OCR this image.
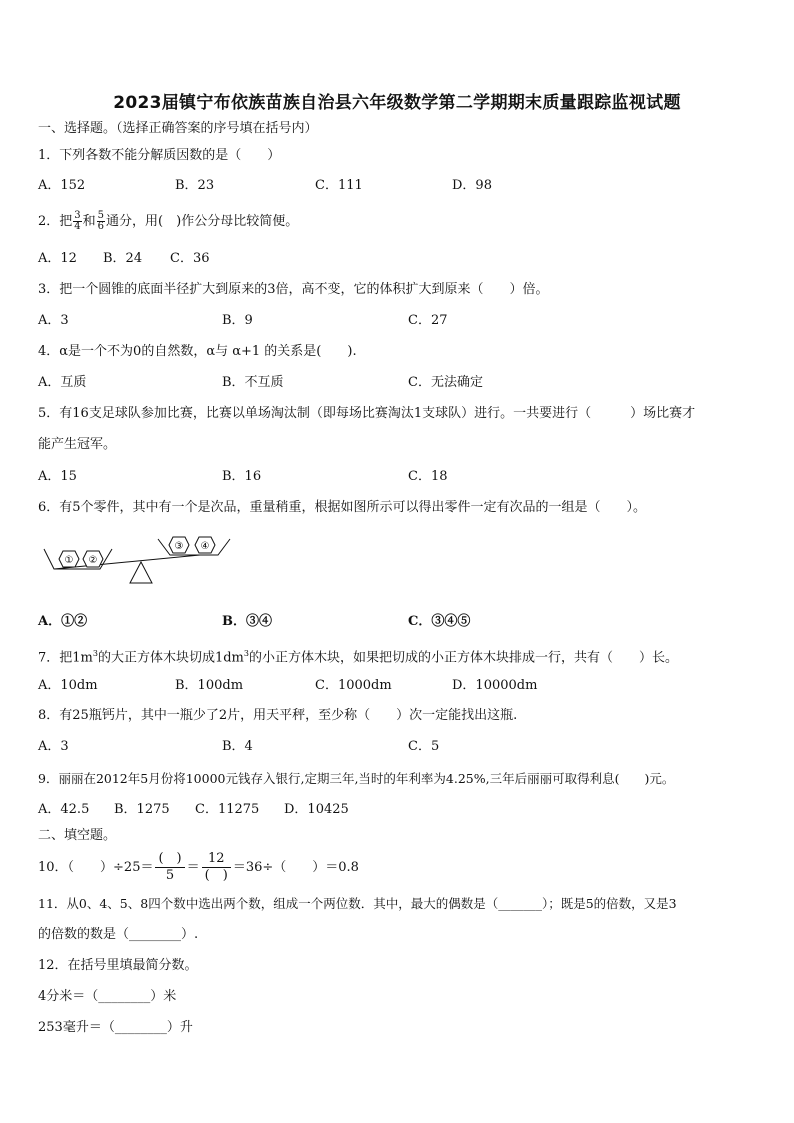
2023届镇宁布依族苗族自治县六年级数学第二学期期末质量跟踪监视试题
一、选择题。（选择正确答案的序号填在括号内）
1．下列各数不能分解质因数的是（　　）
A．152	B．23	C．111	D．98
2．把 $\frac{3}{4}$ 和 $\frac{5}{6}$ 通分，用(　)作公分母比较简便。
A．12 B．24 C．36
3．把一个圆锥的底面半径扩大到原来的3倍，高不变，它的体积扩大到原来（　　）倍。
A．3	B．9	C．27
4．α是一个不为0的自然数，α与 α+1 的关系是(　　).
A．互质	B．不互质	C．无法确定
5．有16支足球队参加比赛，比赛以单场淘汰制（即每场比赛淘汰1支球队）进行。一共要进行（　　　）场比赛才
能产生冠军。
A．15	B．16	C．18
6．有5个零件，其中有一个是次品，重量稍重，根据如图所示可以得出零件一定有次品的一组是（　　）。
① ②
③ ④
A．①②	B．③④	C．③④⑤
7．把$1m^3$的大正方体木块切成$1dm^3$的小正方体木块，如果把切成的小正方体木块排成一行，共有（　　）长。
A．10dm	B．100dm	C．1000dm	D．10000dm
8．有25瓶钙片，其中一瓶少了2片，用天平秤，至少称（　　）次一定能找出这瓶.
A．3	B．4	C．5
9．丽丽在2012年5月份将10000元钱存入银行,定期三年,当时的年利率为4.25%,三年后丽丽可取得利息(　　)元。
A．42.5 B．1275 C．11275 D．10425
二、填空题。
10．（　　）÷25＝
(　)
5
＝
12
(　)
＝36÷（　　）＝0.8
11．从0、4、5、8四个数中选出两个数，组成一个两位数．其中，最大的偶数是（_______）；既是5的倍数，又是3
的倍数的数是（________）.
12．在括号里填最简分数。
4分米＝（________）米
253毫升＝（________）升
